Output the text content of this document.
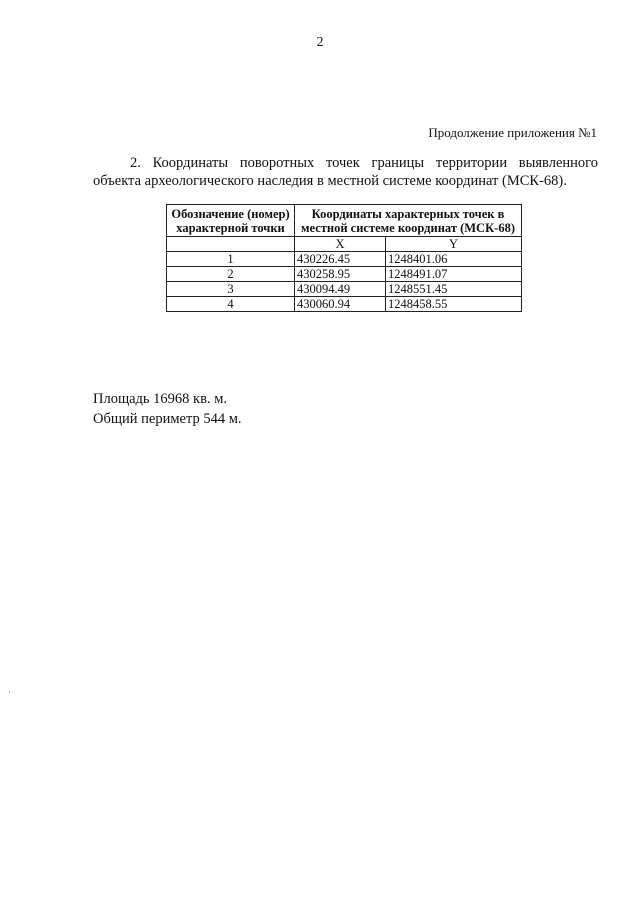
2
Продолжение приложения №1
2. Координаты поворотных точек границы территории выявленного объекта археологического наследия в местной системе координат (МСК-68).
Обозначение (номер) характерной точки	Координаты характерных точек в местной системе координат (МСК-68)	

	X	Y
1	430226.45	1248401.06
2	430258.95	1248491.07
3	430094.49	1248551.45
4	430060.94	1248458.55
Площадь 16968 кв. м.
Общий периметр 544 м.
